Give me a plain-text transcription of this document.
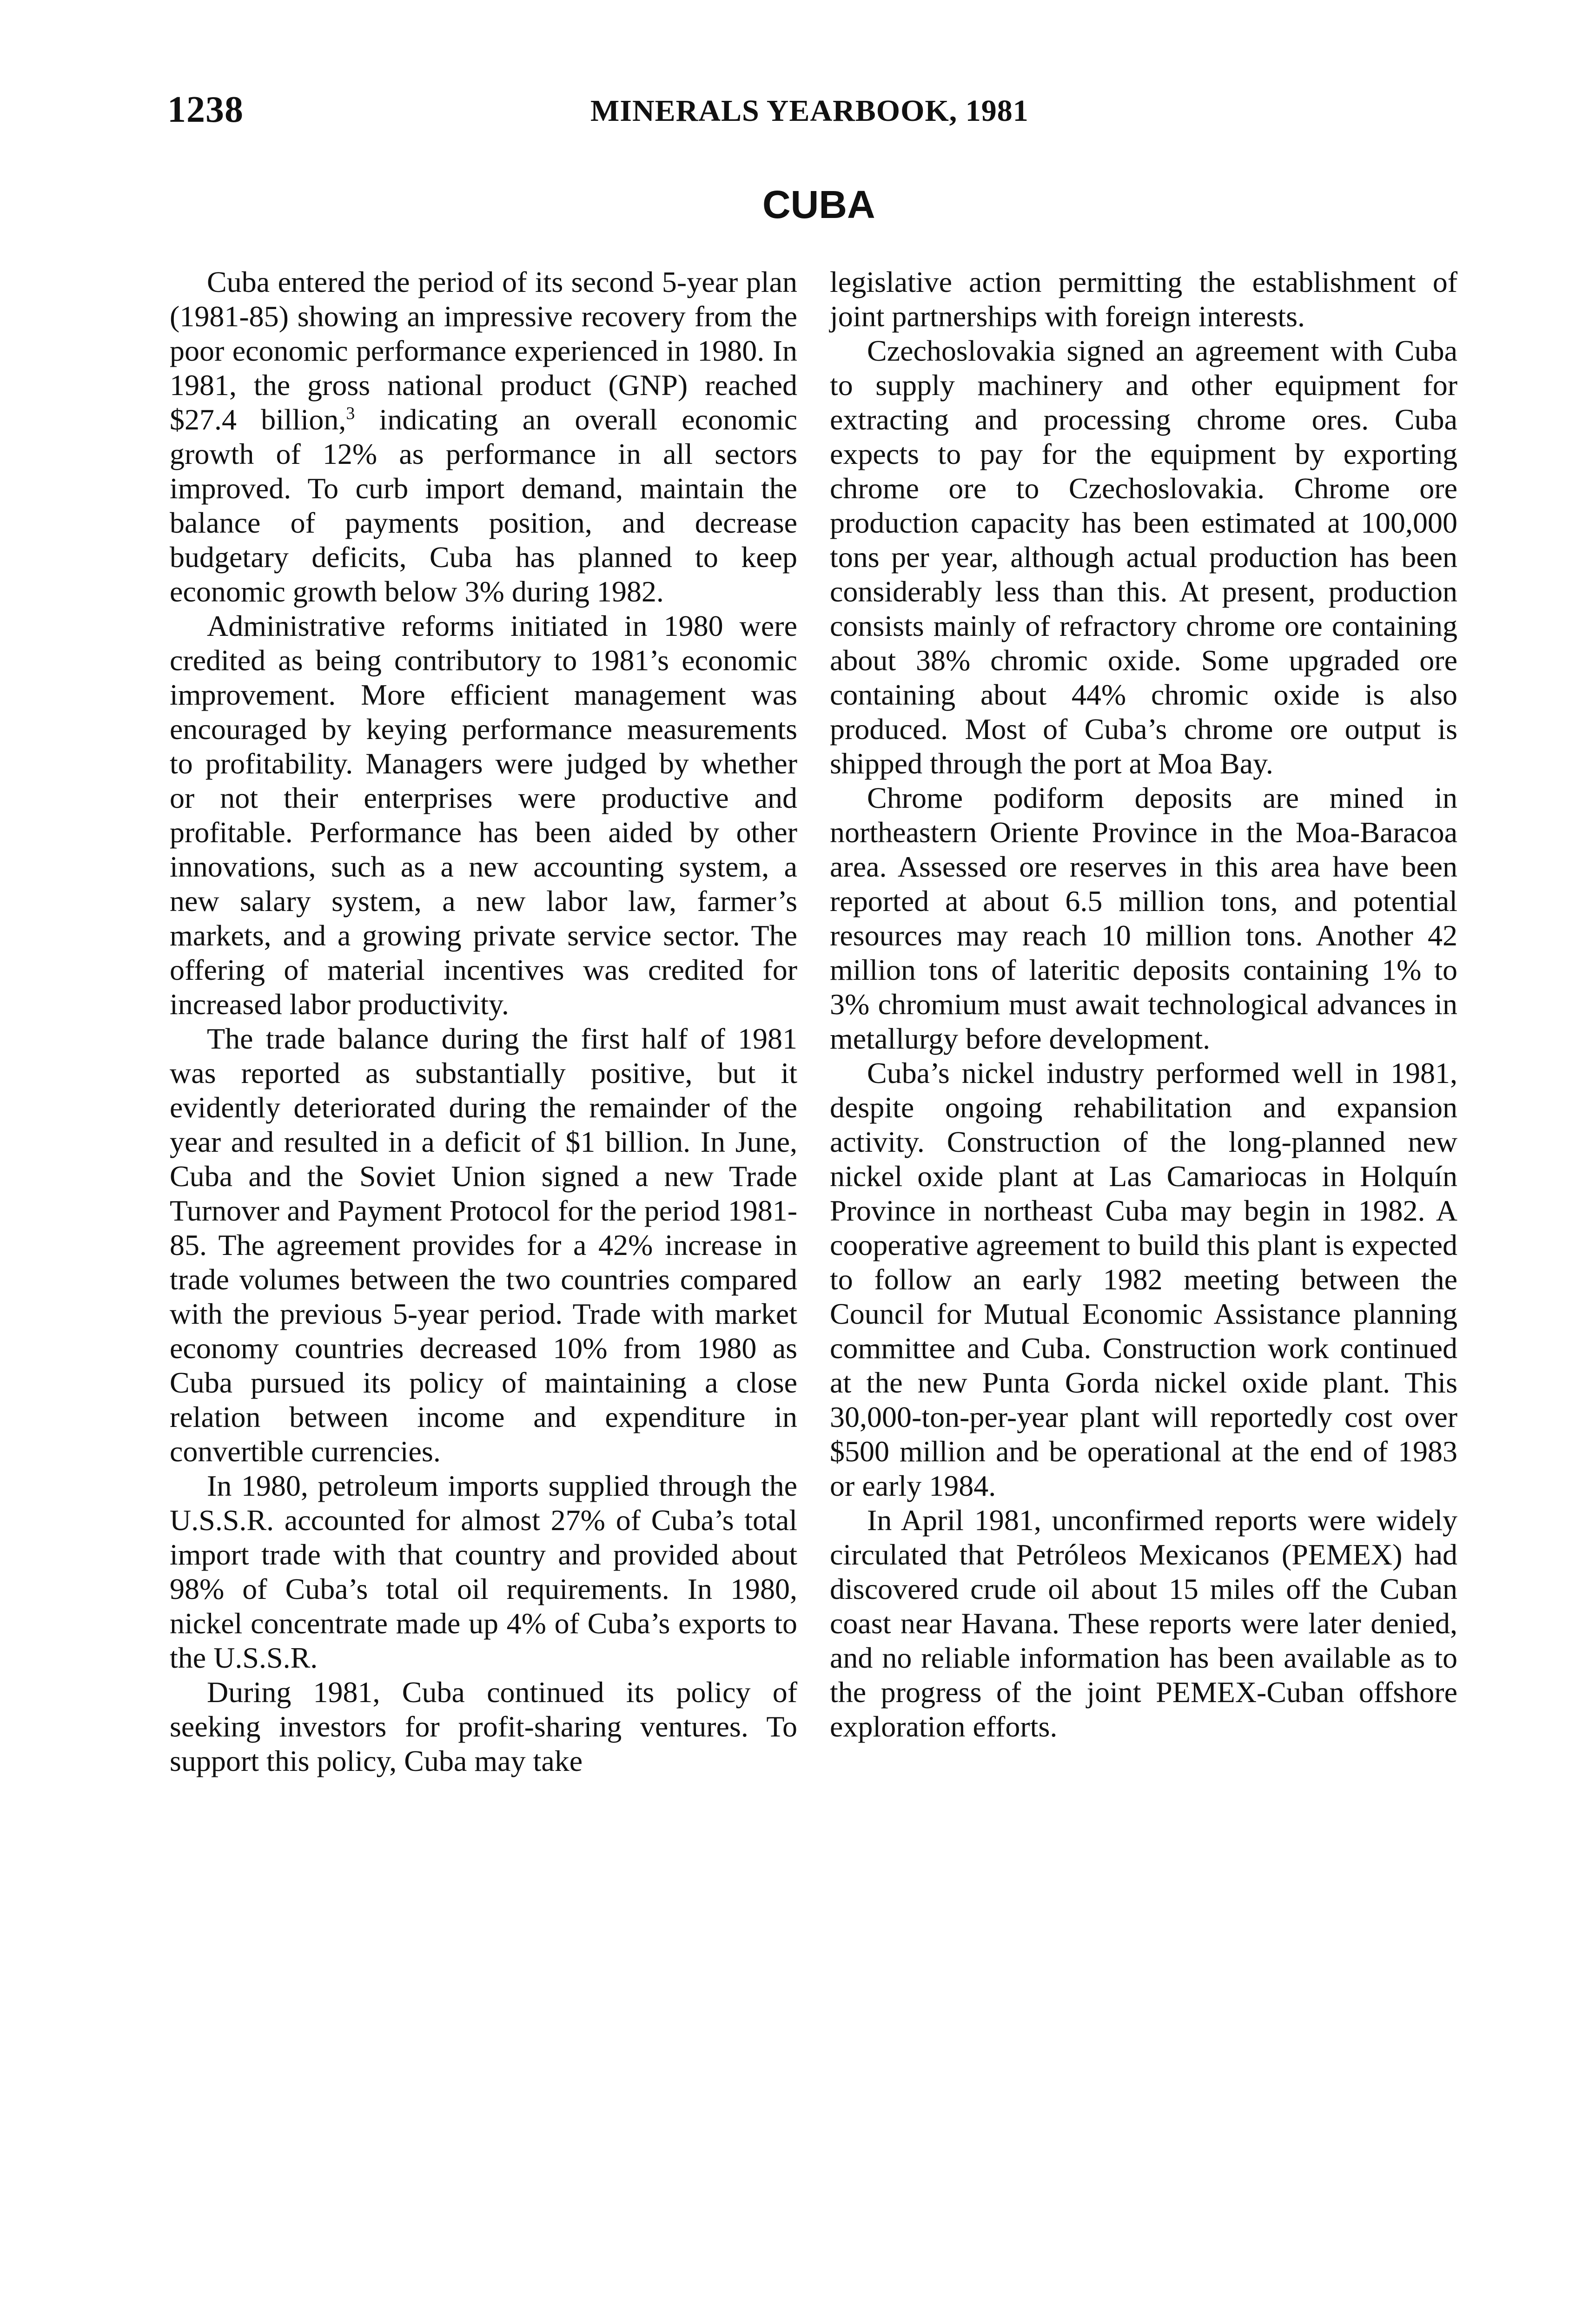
1238	MINERALS YEARBOOK, 1981
CUBA

Cuba entered the period of its second 5-year plan (1981-85) showing an impressive recovery from the poor economic performance experienced in 1980. In 1981, the gross national product (GNP) reached $27.4 billion,$^3$ indicating an overall economic growth of 12% as performance in all sectors improved. To curb import demand, maintain the balance of payments position, and decrease budgetary deficits, Cuba has planned to keep economic growth below 3% during 1982.

Administrative reforms initiated in 1980 were credited as being contributory to 1981’s economic improvement. More efficient management was encouraged by keying performance measurements to profitability. Managers were judged by whether or not their enterprises were productive and profitable. Performance has been aided by other innovations, such as a new accounting system, a new salary system, a new labor law, farmer’s markets, and a growing private service sector. The offering of material incentives was credited for increased labor productivity.

The trade balance during the first half of 1981 was reported as substantially positive, but it evidently deteriorated during the remainder of the year and resulted in a deficit of $1 billion. In June, Cuba and the Soviet Union signed a new Trade Turnover and Payment Protocol for the period 1981-85. The agreement provides for a 42% increase in trade volumes between the two countries compared with the previous 5-year period. Trade with market economy countries decreased 10% from 1980 as Cuba pursued its policy of maintaining a close relation between income and expenditure in convertible currencies.

In 1980, petroleum imports supplied through the U.S.S.R. accounted for almost 27% of Cuba’s total import trade with that country and provided about 98% of Cuba’s total oil requirements. In 1980, nickel concentrate made up 4% of Cuba’s exports to the U.S.S.R.

During 1981, Cuba continued its policy of seeking investors for profit-sharing ventures. To support this policy, Cuba may take

legislative action permitting the establishment of joint partnerships with foreign interests.

Czechoslovakia signed an agreement with Cuba to supply machinery and other equipment for extracting and processing chrome ores. Cuba expects to pay for the equipment by exporting chrome ore to Czechoslovakia. Chrome ore production capacity has been estimated at 100,000 tons per year, although actual production has been considerably less than this. At present, production consists mainly of refractory chrome ore containing about 38% chromic oxide. Some upgraded ore containing about 44% chromic oxide is also produced. Most of Cuba’s chrome ore output is shipped through the port at Moa Bay.

Chrome podiform deposits are mined in northeastern Oriente Province in the Moa-Baracoa area. Assessed ore reserves in this area have been reported at about 6.5 million tons, and potential resources may reach 10 million tons. Another 42 million tons of lateritic deposits containing 1% to 3% chromium must await technological advances in metallurgy before development.

Cuba’s nickel industry performed well in 1981, despite ongoing rehabilitation and expansion activity. Construction of the long-planned new nickel oxide plant at Las Camariocas in Holquín Province in northeast Cuba may begin in 1982. A cooperative agreement to build this plant is expected to follow an early 1982 meeting between the Council for Mutual Economic Assistance planning committee and Cuba. Construction work continued at the new Punta Gorda nickel oxide plant. This 30,000-ton-per-year plant will reportedly cost over $500 million and be operational at the end of 1983 or early 1984.

In April 1981, unconfirmed reports were widely circulated that Petróleos Mexicanos (PEMEX) had discovered crude oil about 15 miles off the Cuban coast near Havana. These reports were later denied, and no reliable information has been available as to the progress of the joint PEMEX-Cuban offshore exploration efforts.
